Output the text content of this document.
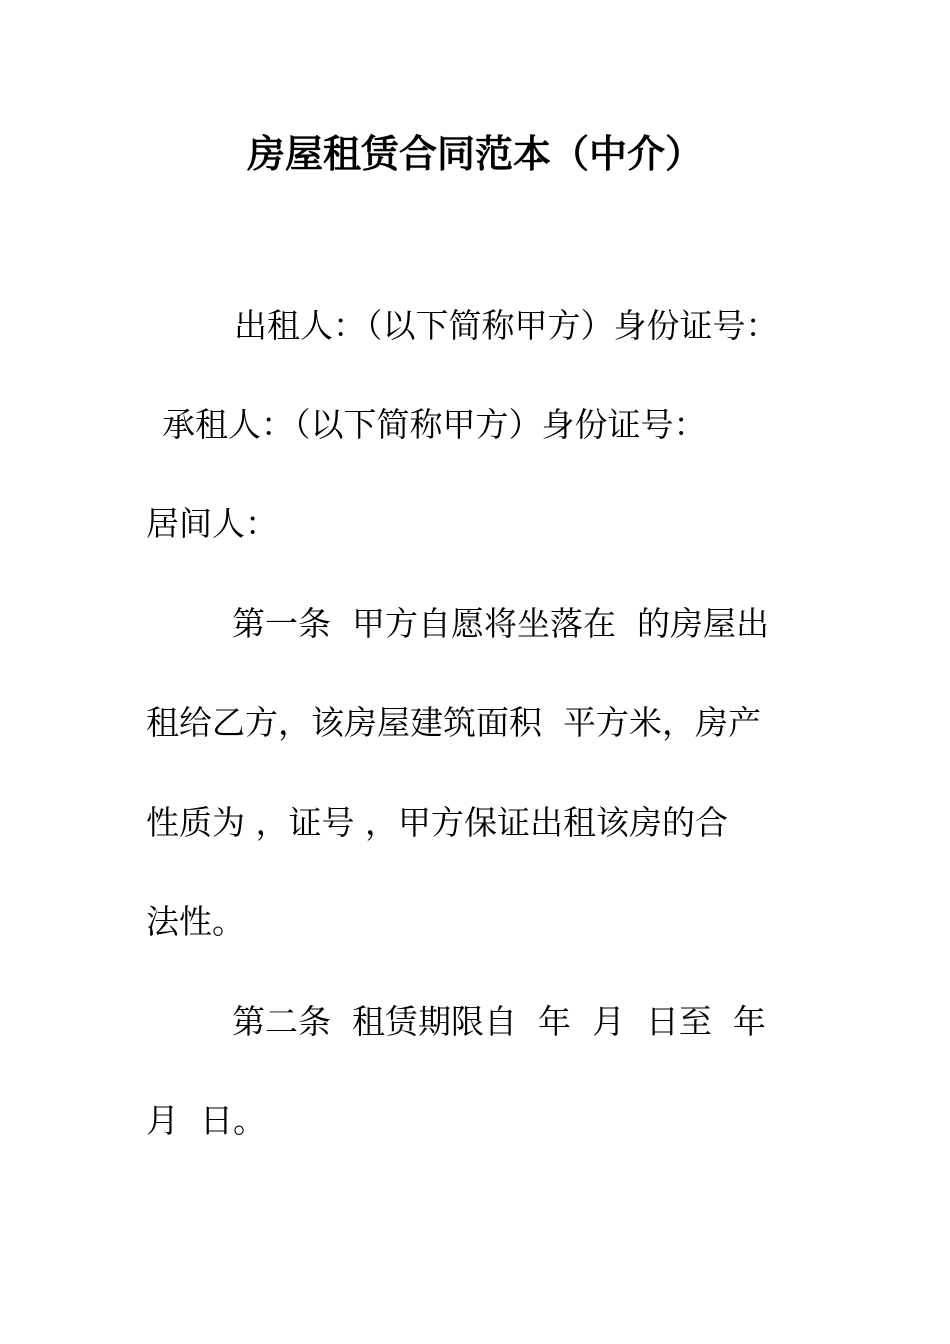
房屋租赁合同范本（中介）
出租人：（以下简称甲方）身份证号：
承租人：（以下简称甲方）身份证号：
居间人：
第一条  甲方自愿将坐落在  的房屋出
租给乙方，该房屋建筑面积  平方米，房产
性质为 ，证号 ，甲方保证出租该房的合
法性。
第二条  租赁期限自  年  月  日至  年
月  日。
